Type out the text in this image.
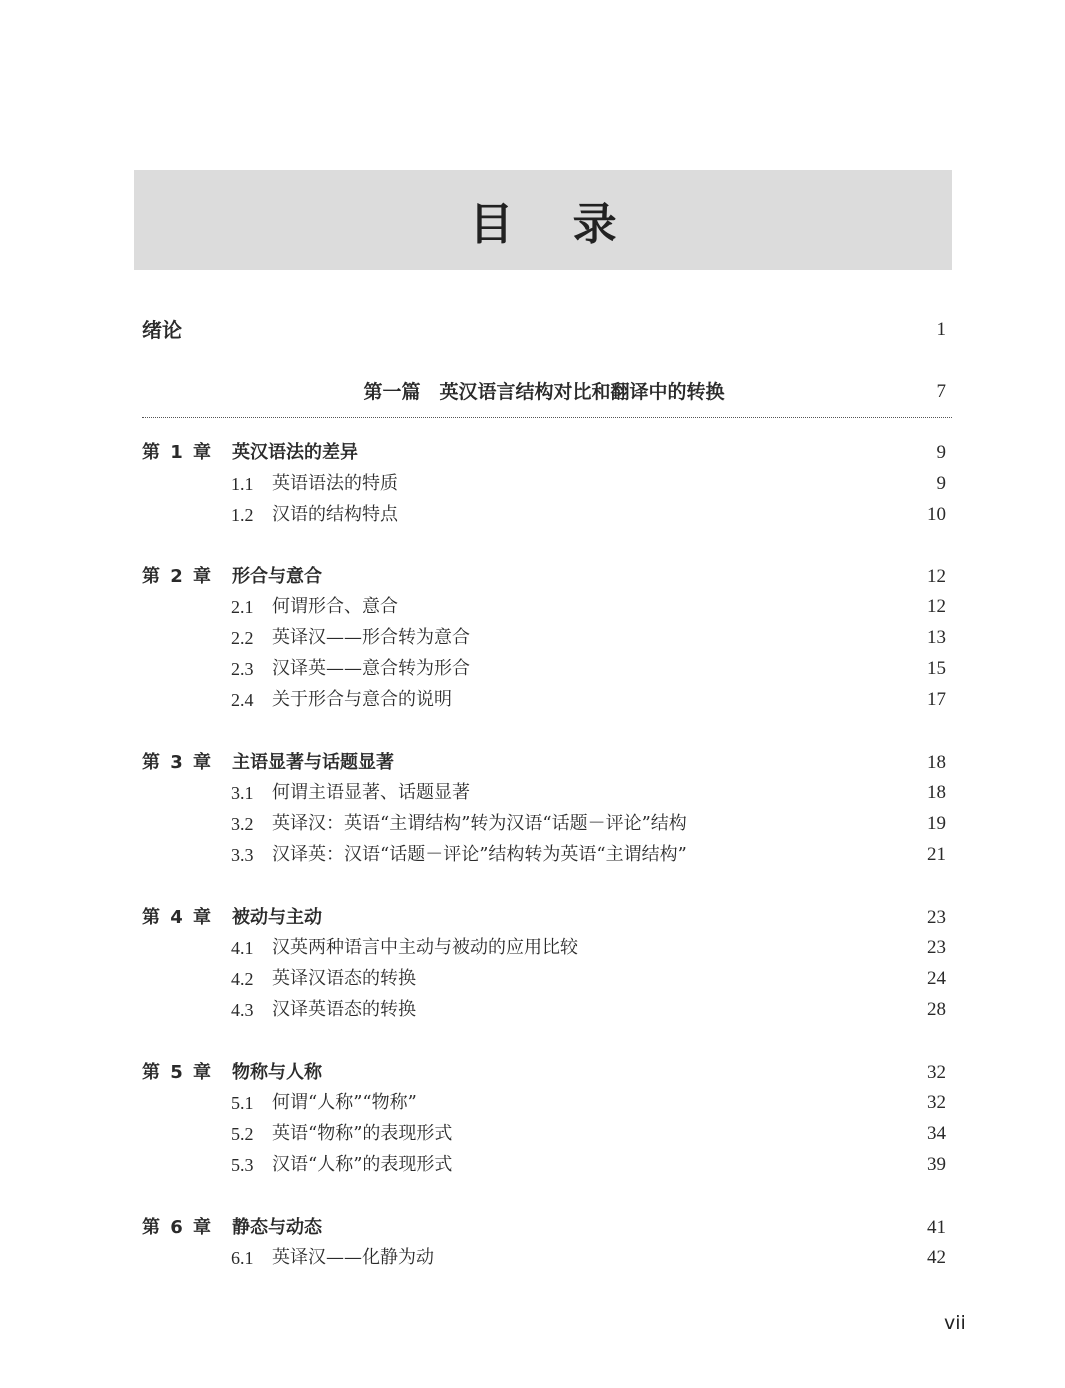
目 录
绪论	1
第一篇　英汉语言结构对比和翻译中的转换	7
第 1 章 英汉语法的差异	9
1.1 英语语法的特质	9
1.2 汉语的结构特点	10
第 2 章 形合与意合	12
2.1 何谓形合、意合	12
2.2 英译汉——形合转为意合	13
2.3 汉译英——意合转为形合	15
2.4 关于形合与意合的说明	17
第 3 章 主语显著与话题显著	18
3.1 何谓主语显著、话题显著	18
3.2 英译汉：英语“主谓结构”转为汉语“话题－评论”结构	19
3.3 汉译英：汉语“话题－评论”结构转为英语“主谓结构”	21
第 4 章 被动与主动	23
4.1 汉英两种语言中主动与被动的应用比较	23
4.2 英译汉语态的转换	24
4.3 汉译英语态的转换	28
第 5 章 物称与人称	32
5.1 何谓“人称”“物称”	32
5.2 英语“物称”的表现形式	34
5.3 汉语“人称”的表现形式	39
第 6 章 静态与动态	41
6.1 英译汉——化静为动	42
vii
